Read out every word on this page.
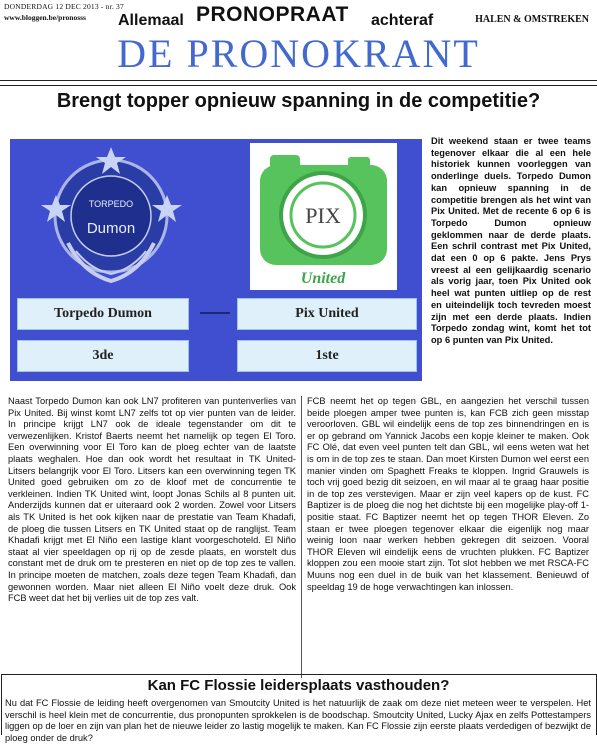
DONDERDAG 12 DEC 2013 - nr. 37
www.bloggen.be/pronosss Allemaal PRONOPRAAT achteraf	HALEN & OMSTREKEN
DE PRONOKRANT
Brengt topper opnieuw spanning in de competitie?
TORPEDO
Dumon
PIX
United
Torpedo Dumon	Pix United
3de	1ste
Dit weekend staan er twee teams tegenover elkaar die al een hele historiek kunnen voorleggen van onderlinge duels. Torpedo Dumon kan opnieuw spanning in de competitie brengen als het wint van Pix United. Met de recente 6 op 6 is Torpedo Dumon opnieuw geklommen naar de derde plaats. Een schril contrast met Pix United, dat een 0 op 6 pakte. Jens Prys vreest al een gelijkaardig scenario als vorig jaar, toen Pix United ook heel wat punten uitliep op de rest en uiteindelijk toch tevreden moest zijn met een derde plaats. Indien Torpedo zondag wint, komt het tot op 6 punten van Pix United.
Naast Torpedo Dumon kan ook LN7 profiteren van puntenverlies van Pix United. Bij winst komt LN7 zelfs tot op vier punten van de leider. In principe krijgt LN7 ook de ideale tegenstander om dit te verwezenlijken. Kristof Baerts neemt het namelijk op tegen El Toro. Een overwinning voor El Toro kan de ploeg echter van de laatste plaats weghalen. Hoe dan ook wordt het resultaat in TK United-Litsers belangrijk voor El Toro. Litsers kan een overwinning tegen TK United goed gebruiken om zo de kloof met de concurrentie te verkleinen. Indien TK United wint, loopt Jonas Schils al 8 punten uit. Anderzijds kunnen dat er uiteraard ook 2 worden. Zowel voor Litsers als TK United is het ook kijken naar de prestatie van Team Khadafi, de ploeg die tussen Litsers en TK United staat op de ranglijst. Team Khadafi krijgt met El Niño een lastige klant voorgeschoteld. El Niño staat al vier speeldagen op rij op de zesde plaats, en worstelt dus constant met de druk om te presteren en niet op de top zes te vallen. In principe moeten de matchen, zoals deze tegen Team Khadafi, dan gewonnen worden. Maar niet alleen El Niño voelt deze druk. Ook FCB weet dat het bij verlies uit de top zes valt.
FCB neemt het op tegen GBL, en aangezien het verschil tussen beide ploegen amper twee punten is, kan FCB zich geen misstap veroorloven. GBL wil eindelijk eens de top zes binnendringen en is er op gebrand om Yannick Jacobs een kopje kleiner te maken. Ook FC Olé, dat even veel punten telt dan GBL, wil eens weten wat het is om in de top zes te staan. Dan moet Kirsten Dumon wel eerst een manier vinden om Spaghett Freaks te kloppen. Ingrid Grauwels is toch vrij goed bezig dit seizoen, en wil maar al te graag haar positie in de top zes verstevigen. Maar er zijn veel kapers op de kust. FC Baptizer is de ploeg die nog het dichtste bij een mogelijke play-off 1-positie staat. FC Baptizer neemt het op tegen THOR Eleven. Zo staan er twee ploegen tegenover elkaar die eigenlijk nog maar weinig loon naar werken hebben gekregen dit seizoen. Vooral THOR Eleven wil eindelijk eens de vruchten plukken. FC Baptizer kloppen zou een mooie start zijn. Tot slot hebben we met RSCA-FC Muuns nog een duel in de buik van het klassement. Benieuwd of speeldag 19 de hoge verwachtingen kan inlossen.
Kan FC Flossie leidersplaats vasthouden?
Nu dat FC Flossie de leiding heeft overgenomen van Smoutcity United is het natuurlijk de zaak om deze niet meteen weer te verspelen. Het verschil is heel klein met de concurrentie, dus pronopunten sprokkelen is de boodschap. Smoutcity United, Lucky Ajax en zelfs Pottestampers liggen op de loer en zijn van plan het de nieuwe leider zo lastig mogelijk te maken. Kan FC Flossie zijn eerste plaats verdedigen of bezwijkt de ploeg onder de druk?
